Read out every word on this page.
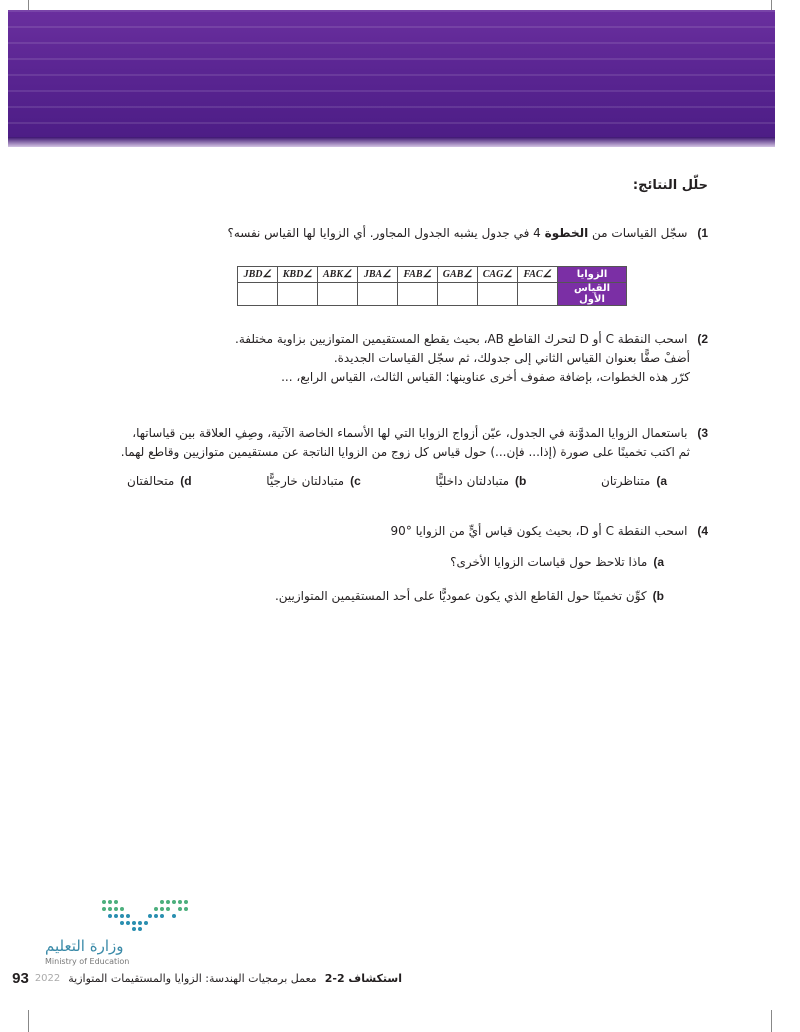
حلّل النتائج:
1) سجّل القياسات من الخطوة 4 في جدول يشبه الجدول المجاور. أي الزوايا لها القياس نفسه؟
الزوايا	∠FAC	∠CAG	∠GAB	∠FAB	∠JBA	∠ABK	∠KBD	∠JBD
القياس الأول								
2) اسحب النقطة C أو D لتحرك القاطع AB، بحيث يقطع المستقيمين المتوازيين بزاوية مختلفة.
أضفْ صفًّا بعنوان القياس الثاني إلى جدولك، ثم سجّل القياسات الجديدة.
كرّر هذه الخطوات، بإضافة صفوف أخرى عناوينها: القياس الثالث، القياس الرابع، ...
3) باستعمال الزوايا المدوَّنة في الجدول، عيّن أزواج الزوايا التي لها الأسماء الخاصة الآتية، وصِفِ العلاقة بين قياساتها،
ثم اكتب تخمينًا على صورة (إذا... فإن...) حول قياس كل زوج من الزوايا الناتجة عن مستقيمين متوازيين وقاطع لهما.
a)متناظرتان
b)متبادلتان داخليًّا
c)متبادلتان خارجيًّا
d)متحالفتان
4) اسحب النقطة C أو D، بحيث يكون قياس أيٍّ من الزوايا °90
a)ماذا تلاحظ حول قياسات الزوايا الأخرى؟
b)كوِّن تخمينًا حول القاطع الذي يكون عموديًّا على أحد المستقيمين المتوازيين.
وزارة التعليم
Ministry of Education
استكشاف 2-2
معمل برمجيات الهندسة: الزوايا والمستقيمات المتوازية
2022
93
